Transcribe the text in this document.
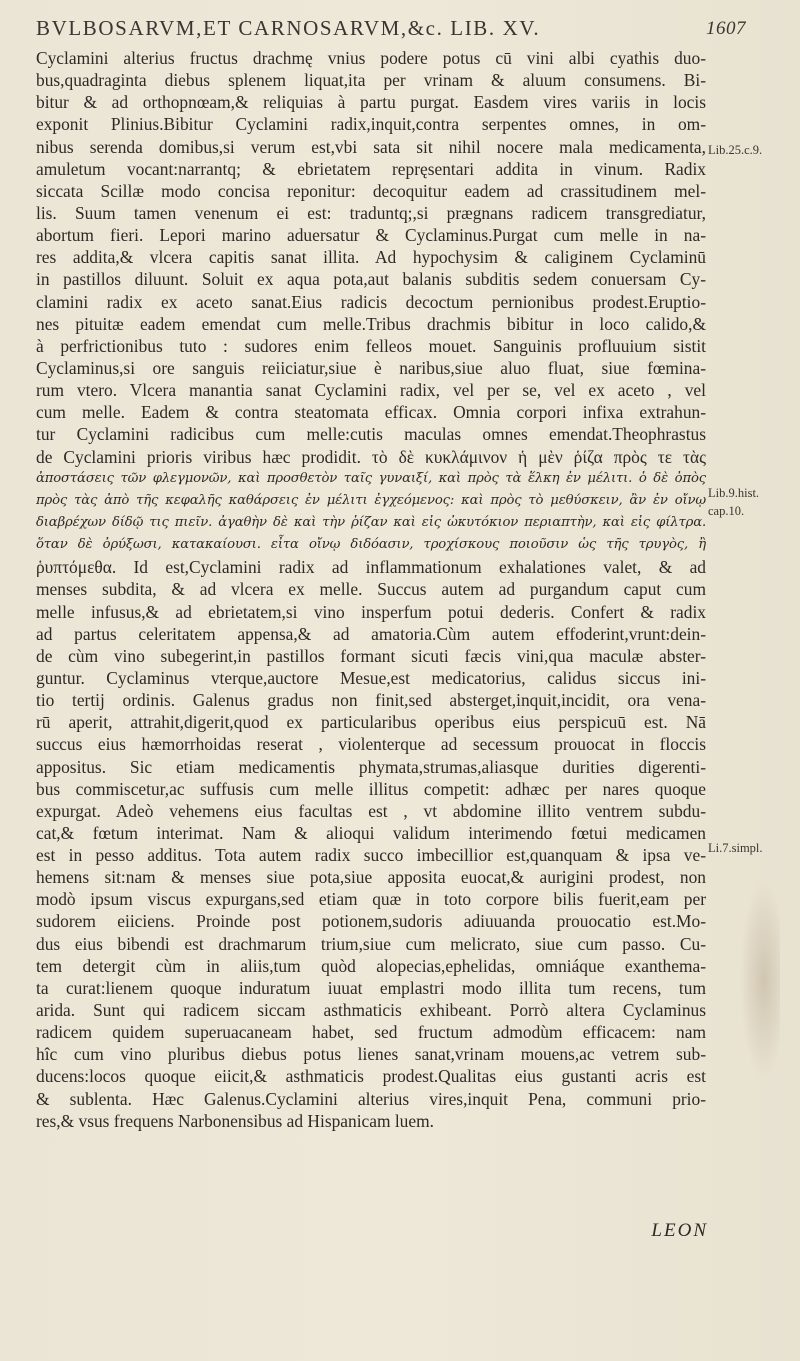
BVLBOSARVM,ET CARNOSARVM,&c. LIB. XV.	1607
Cyclamini alterius fructus drachmę vnius podere potus cū vini albi cyathis duo-
bus,quadraginta diebus splenem liquat,ita per vrinam & aluum consumens. Bi-
bitur & ad orthopnœam,& reliquias à partu purgat. Easdem vires variis in locis
exponit Plinius.Bibitur Cyclamini radix,inquit,contra serpentes omnes, in om-
nibus serenda domibus,si verum est,vbi sata sit nihil nocere mala medicamenta,
amuletum vocant:narrantq; & ebrietatem repręsentari addita in vinum. Radix
siccata Scillæ modo concisa reponitur: decoquitur eadem ad crassitudinem mel-
lis. Suum tamen venenum ei est: traduntq;,si prægnans radicem transgrediatur,
abortum fieri. Lepori marino aduersatur & Cyclaminus.Purgat cum melle in na-
res addita,& vlcera capitis sanat illita. Ad hypochysim & caliginem Cyclaminū
in pastillos diluunt. Soluit ex aqua pota,aut balanis subditis sedem conuersam Cy-
clamini radix ex aceto sanat.Eius radicis decoctum pernionibus prodest.Eruptio-
nes pituitæ eadem emendat cum melle.Tribus drachmis bibitur in loco calido,&
à perfrictionibus tuto : sudores enim felleos mouet. Sanguinis profluuium sistit
Cyclaminus,si ore sanguis reiiciatur,siue è naribus,siue aluo fluat, siue fœmina-
rum vtero. Vlcera manantia sanat Cyclamini radix, vel per se, vel ex aceto , vel
cum melle. Eadem & contra steatomata efficax. Omnia corpori infixa extrahun-
tur Cyclamini radicibus cum melle:cutis maculas omnes emendat.Theophrastus
de Cyclamini prioris viribus hæc prodidit. τὸ δὲ κυκλάμινον ἡ μὲν ῥίζα πρὸς τε τὰς
ἀποστάσεις τῶν φλεγμονῶν, καὶ προσθετὸν ταῖς γυναιξί, καὶ πρὸς τὰ ἕλκη ἐν μέλιτι. ὁ δὲ ὀπὸς
πρὸς τὰς ἀπὸ τῆς κεφαλῆς καθάρσεις ἐν μέλιτι ἐγχεόμενος: καὶ πρὸς τὸ μεθύσκειν, ἂν ἐν οἴνῳ
διαβρέχων δίδῷ τις πιεῖν. ἀγαθὴν δὲ καὶ τὴν ῥίζαν καὶ εἰς ὠκυτόκιον περιαπτὴν, καὶ εἰς φίλτρα.
ὅταν δὲ ὀρύξωσι, κατακαίουσι. εἶτα οἴνῳ διδόασιν, τροχίσκους ποιοῦσιν ὡς τῆς τρυγὸς, ἢ
ῥυπτόμεθα. Id est,Cyclamini radix ad inflammationum exhalationes valet, & ad
menses subdita, & ad vlcera ex melle. Succus autem ad purgandum caput cum
melle infusus,& ad ebrietatem,si vino insperfum potui dederis. Confert & radix
ad partus celeritatem appensa,& ad amatoria.Cùm autem effoderint,vrunt:dein-
de cùm vino subegerint,in pastillos formant sicuti fæcis vini,qua maculæ abster-
guntur. Cyclaminus vterque,auctore Mesue,est medicatorius, calidus siccus ini-
tio tertij ordinis. Galenus gradus non finit,sed absterget,inquit,incidit, ora vena-
rū aperit, attrahit,digerit,quod ex particularibus operibus eius perspicuū est. Nā
succus eius hæmorrhoidas reserat , violenterque ad secessum prouocat in floccis
appositus. Sic etiam medicamentis phymata,strumas,aliasque durities digerenti-
bus commiscetur,ac suffusis cum melle illitus competit: adhæc per nares quoque
expurgat. Adeò vehemens eius facultas est , vt abdomine illito ventrem subdu-
cat,& fœtum interimat. Nam & alioqui validum interimendo fœtui medicamen
est in pesso additus. Tota autem radix succo imbecillior est,quanquam & ipsa ve-
hemens sit:nam & menses siue pota,siue apposita euocat,& aurigini prodest, non
modò ipsum viscus expurgans,sed etiam quæ in toto corpore bilis fuerit,eam per
sudorem eiiciens. Proinde post potionem,sudoris adiuuanda prouocatio est.Mo-
dus eius bibendi est drachmarum trium,siue cum melicrato, siue cum passo. Cu-
tem detergit cùm in aliis,tum quòd alopecias,ephelidas, omniáque exanthema-
ta curat:lienem quoque induratum iuuat emplastri modo illita tum recens, tum
arida. Sunt qui radicem siccam asthmaticis exhibeant. Porrò altera Cyclaminus
radicem quidem superuacaneam habet, sed fructum admodùm efficacem: nam
hîc cum vino pluribus diebus potus lienes sanat,vrinam mouens,ac vetrem sub-
ducens:locos quoque eiicit,& asthmaticis prodest.Qualitas eius gustanti acris est
& sublenta. Hæc Galenus.Cyclamini alterius vires,inquit Pena, communi prio-
res,& vsus frequens Narbonensibus ad Hispanicam luem.
Lib.25.c.9.
Lib.9.hist.
cap.10.
Li.7.simpl.
LEON
